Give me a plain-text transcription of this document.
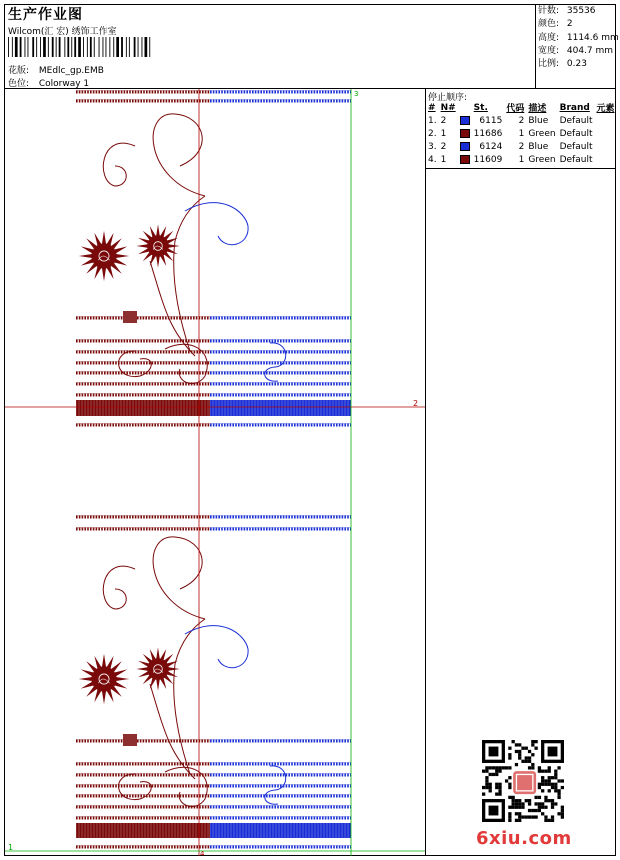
生产作业图
Wilcom(汇 宏) 绣饰工作室
花版: MEdlc_gp.EMB
色位: Colorway 1
针数: 35536
颜色: 2
高度: 1114.6 mm
宽度: 404.7 mm
比例: 0.23
停止顺序:
#	N#		St.	代码	描述	Brand	元素
1.	2		6115	2	Blue	Default	
2.	1		11686	1	Green	Default	
3.	2		6124	2	Blue	Default	
4.	1		11609	1	Green	Default	
1
2
3
4
6xiu.com
